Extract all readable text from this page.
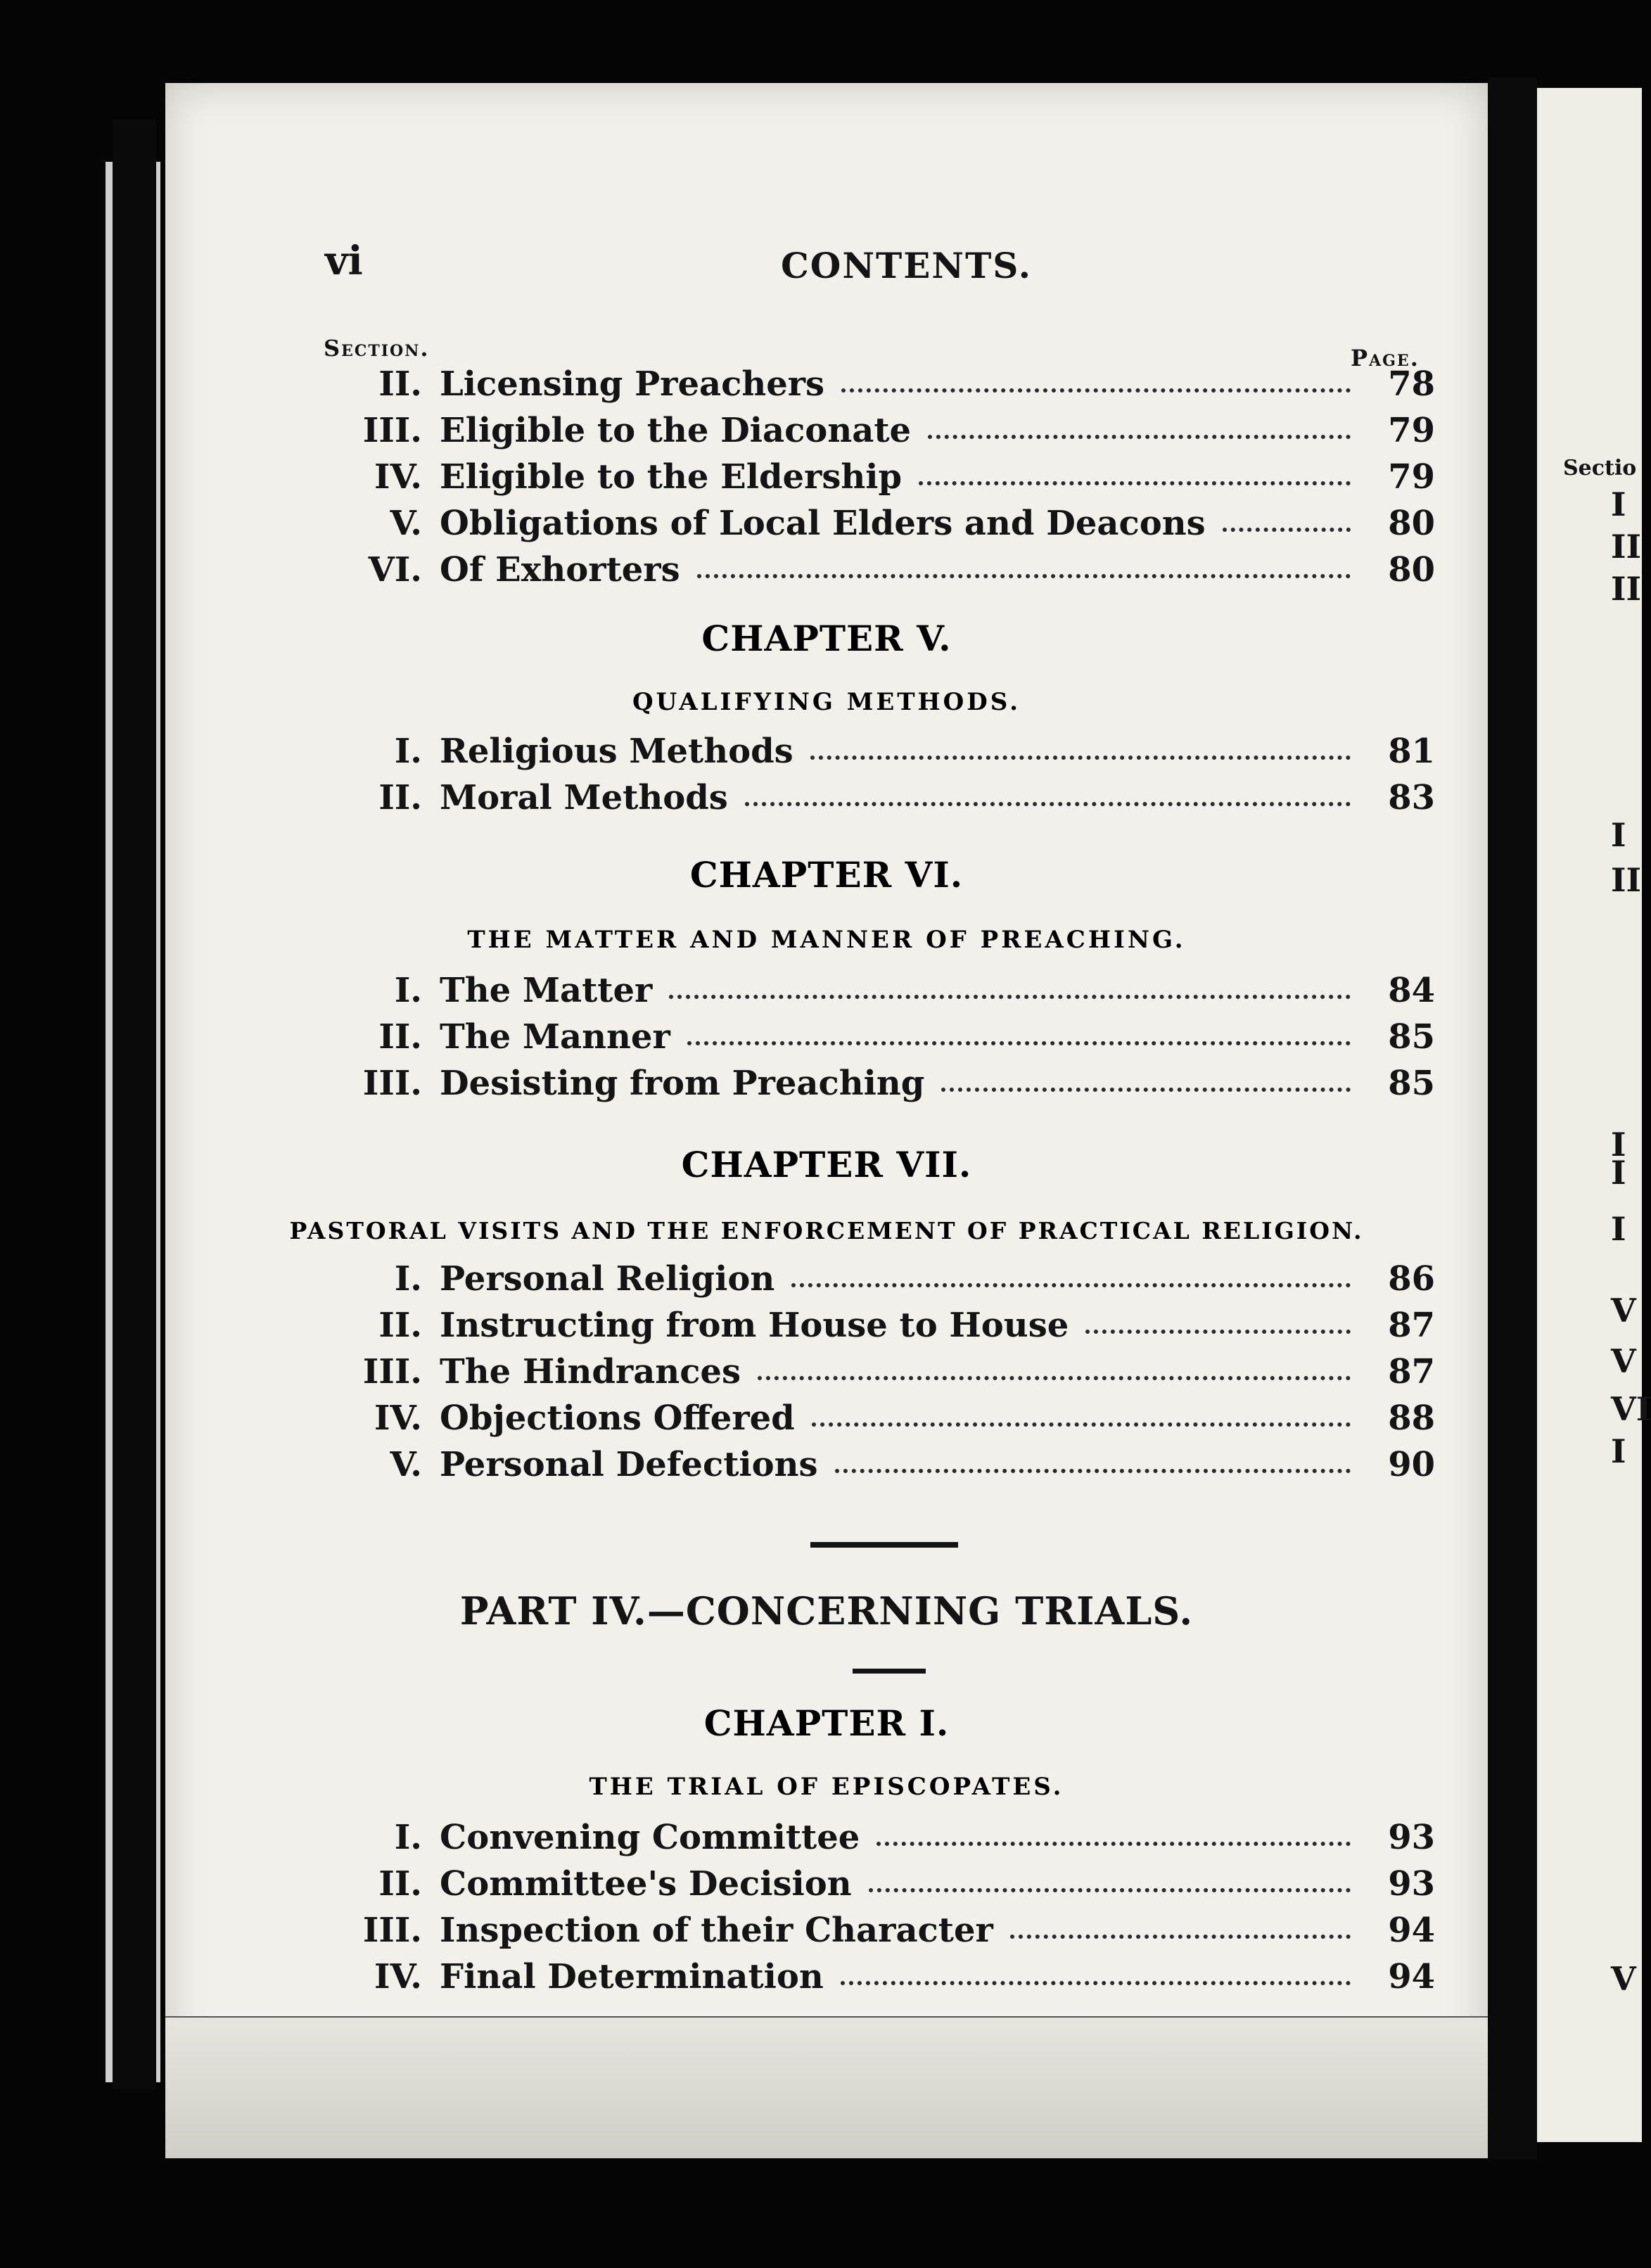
vi	CONTENTS.
Section.	Page.
II. Licensing Preachers	78
III. Eligible to the Diaconate	79
IV. Eligible to the Eldership	79
V. Obligations of Local Elders and Deacons	80
VI. Of Exhorters	80
I. Religious Methods	81
II. Moral Methods	83
I. The Matter	84
II. The Manner	85
III. Desisting from Preaching	85
I. Personal Religion	86
II. Instructing from House to House	87
III. The Hindrances	87
IV. Objections Offered	88
V. Personal Defections	90
I. Convening Committee	93
II. Committee's Decision	93
III. Inspection of their Character	94
IV. Final Determination	94
CHAPTER V.
QUALIFYING METHODS.
CHAPTER VI.
THE MATTER AND MANNER OF PREACHING.
CHAPTER VII.
PASTORAL VISITS AND THE ENFORCEMENT OF PRACTICAL RELIGION.
PART IV.—CONCERNING TRIALS.
CHAPTER I.
THE TRIAL OF EPISCOPATES.
Sectio
I
II
II
I
II
I
I
I
V
V
VI
I
V
